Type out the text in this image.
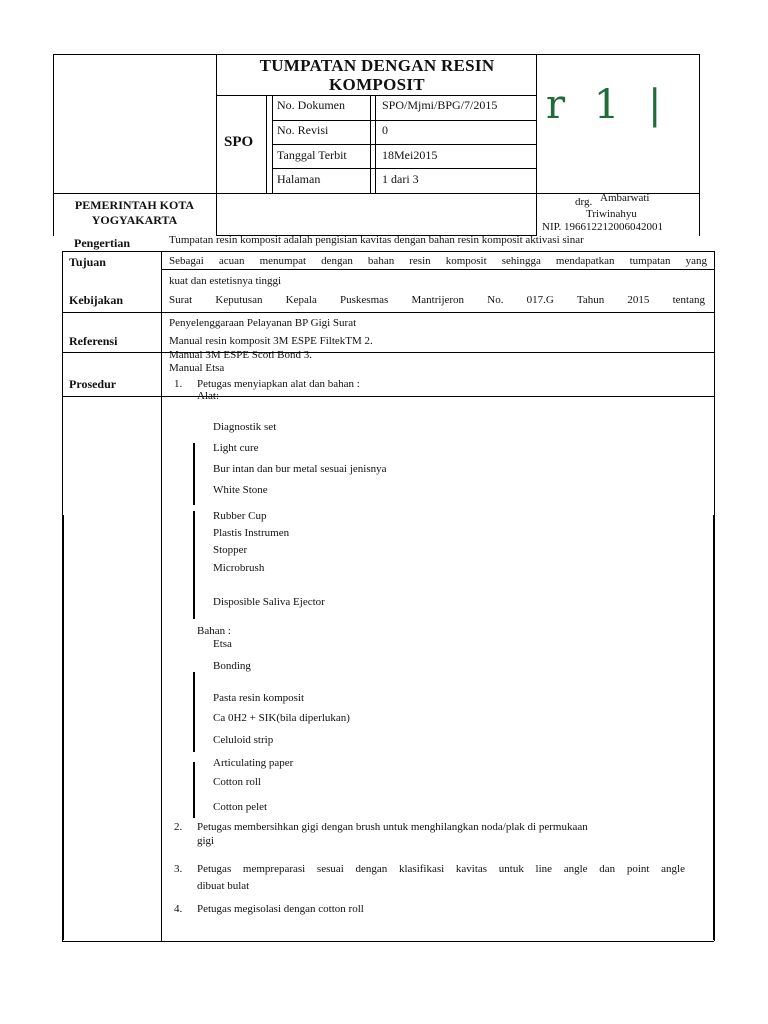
TUMPATAN DENGAN RESIN KOMPOSIT
SPO
No. Dokumen	SPO/Mjmi/BPG/7/2015
No. Revisi	0
Tanggal Terbit	18Mei2015
Halaman	1 dari 3
r 1 |
PEMERINTAH KOTA
YOGYAKARTA
drg. Ambarwati
Triwinahyu
NIP. 196612212006042001
Pengertian	Tumpatan resin komposit adalah pengisian kavitas dengan bahan resin komposit aktivasi sinar
Tujuan	Sebagai acuan menumpat dengan bahan resin komposit sehingga mendapatkan tumpatan yang
kuat dan estetisnya tinggi
Kebijakan	Surat Keputusan Kepala Puskesmas Mantrijeron No. 017.G Tahun 2015 tentang
Penyelenggaraan Pelayanan BP Gigi Surat
Referensi	Manual resin komposit 3M ESPE FiltekTM 2.
Manual 3M ESPE Scoti Bond 3.
Manual Etsa
Prosedur	1. Petugas menyiapkan alat dan bahan :
Alat:
Diagnostik set
Light cure
Bur intan dan bur metal sesuai jenisnya
White Stone
Rubber Cup
Plastis Instrumen
Stopper
Microbrush
Disposible Saliva Ejector
Bahan :
Etsa
Bonding
Pasta resin komposit
Ca 0H2 + SIK(bila diperlukan)
Celuloid strip
Articulating paper
Cotton roll
Cotton pelet
2. Petugas membersihkan gigi dengan brush untuk menghilangkan noda/plak di permukaan
gigi
3. Petugas mempreparasi sesuai dengan klasifikasi kavitas untuk line angle dan point angle
dibuat bulat
4. Petugas megisolasi dengan cotton roll
